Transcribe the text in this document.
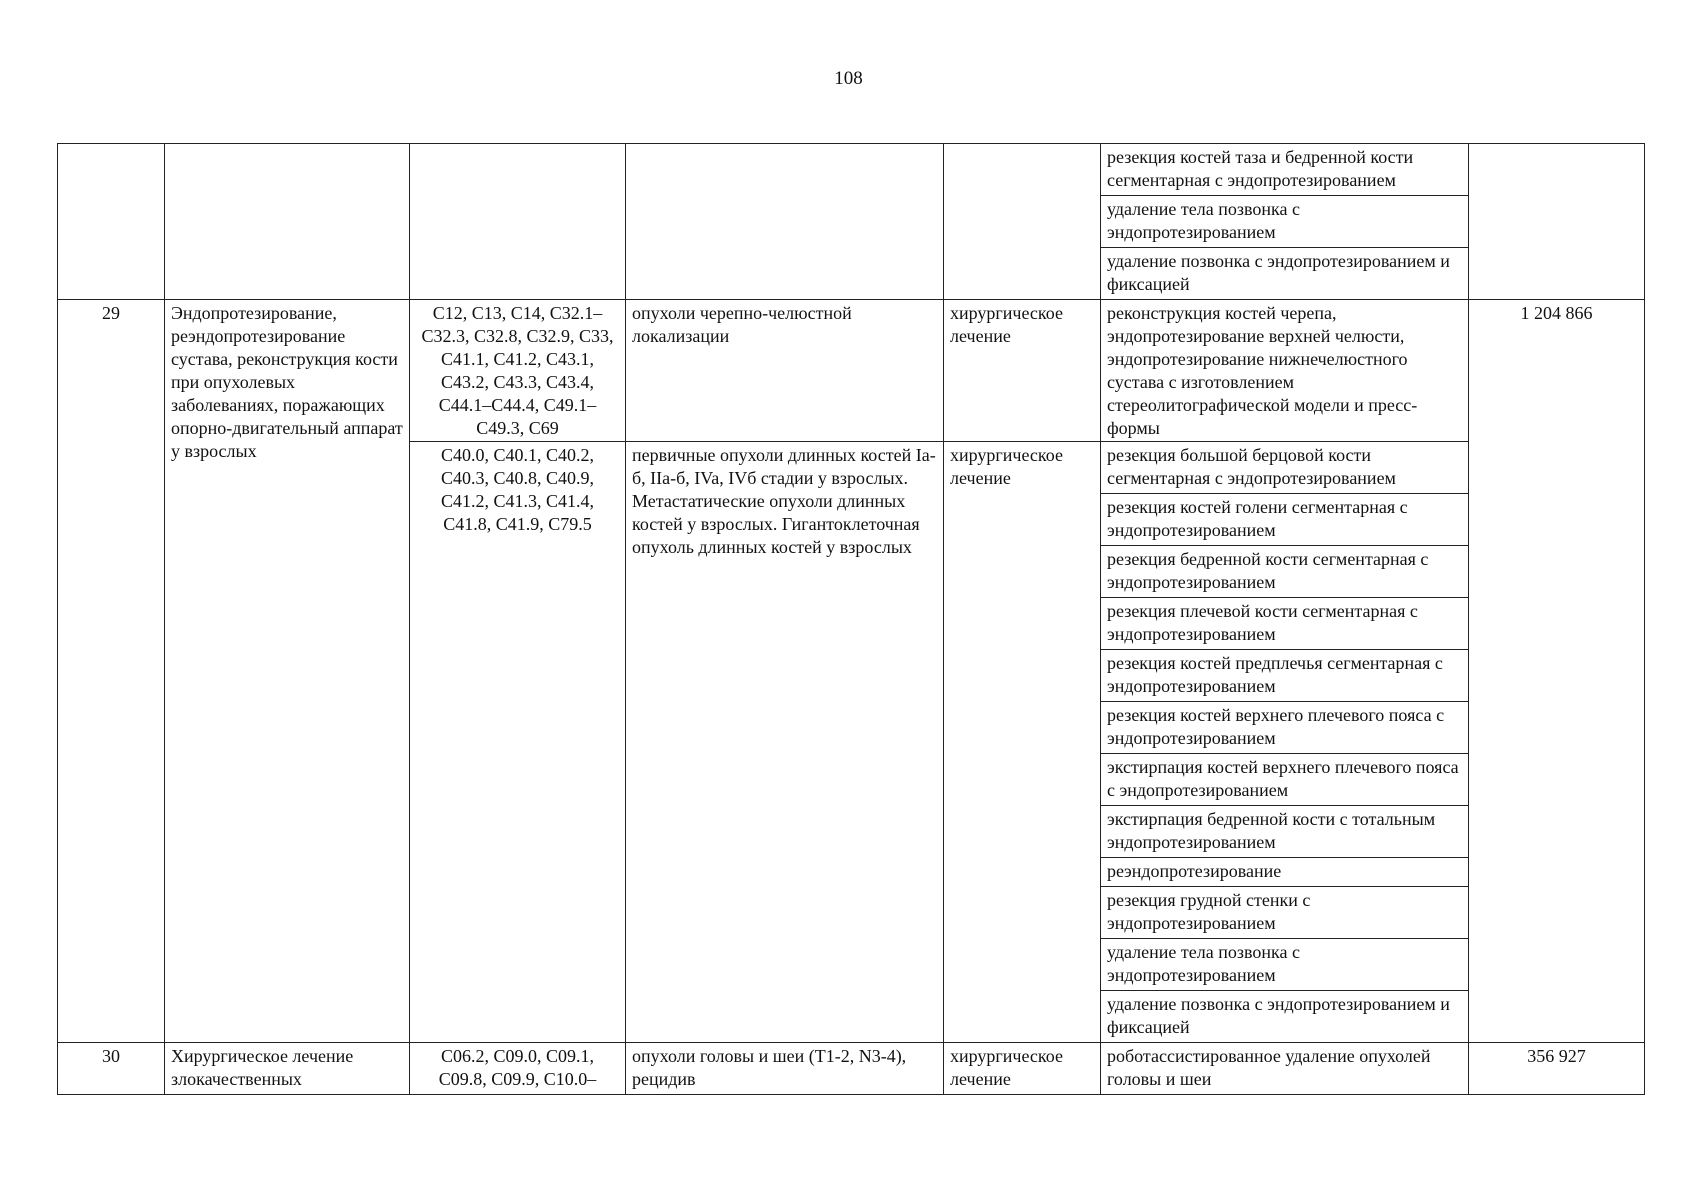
108
					резекция костей таза и бедренной кости сегментарная с эндопротезированием	
					удаление тела позвонка с эндопротезированием	
					удаление позвонка с эндопротезированием и фиксацией	
29	Эндопротезирование, реэндопротезирование сустава, реконструкция кости при опухолевых заболеваниях, поражающих опорно-двигательный аппарат у взрослых	C12, C13, C14, C32.1–C32.3, C32.8, C32.9, C33, C41.1, C41.2, C43.1, C43.2, C43.3, C43.4, C44.1–C44.4, C49.1–C49.3, C69	опухоли черепно-челюстной локализации	хирургическое лечение	реконструкция костей черепа, эндопротезирование верхней челюсти, эндопротезирование нижнечелюстного сустава с изготовлением стереолитографической модели и пресс-формы	1 204 866
		C40.0, C40.1, C40.2, C40.3, C40.8, C40.9, C41.2, C41.3, C41.4, C41.8, C41.9, C79.5	первичные опухоли длинных костей Ia-б, IIa-б, IVa, IVб стадии у взрослых. Метастатические опухоли длинных костей у взрослых. Гигантоклеточная опухоль длинных костей у взрослых	хирургическое лечение	резекция большой берцовой кости сегментарная с эндопротезированием	
					резекция костей голени сегментарная с эндопротезированием	
					резекция бедренной кости сегментарная с эндопротезированием	
					резекция плечевой кости сегментарная с эндопротезированием	
					резекция костей предплечья сегментарная с эндопротезированием	
					резекция костей верхнего плечевого пояса с эндопротезированием	
					экстирпация костей верхнего плечевого пояса с эндопротезированием	
					экстирпация бедренной кости с тотальным эндопротезированием	
					реэндопротезирование	
					резекция грудной стенки с эндопротезированием	
					удаление тела позвонка с эндопротезированием	
					удаление позвонка с эндопротезированием и фиксацией	
30	Хирургическое лечение злокачественных	C06.2, C09.0, C09.1, C09.8, C09.9, C10.0–	опухоли головы и шеи (T1-2, N3-4), рецидив	хирургическое лечение	роботассистированное удаление опухолей головы и шеи	356 927
